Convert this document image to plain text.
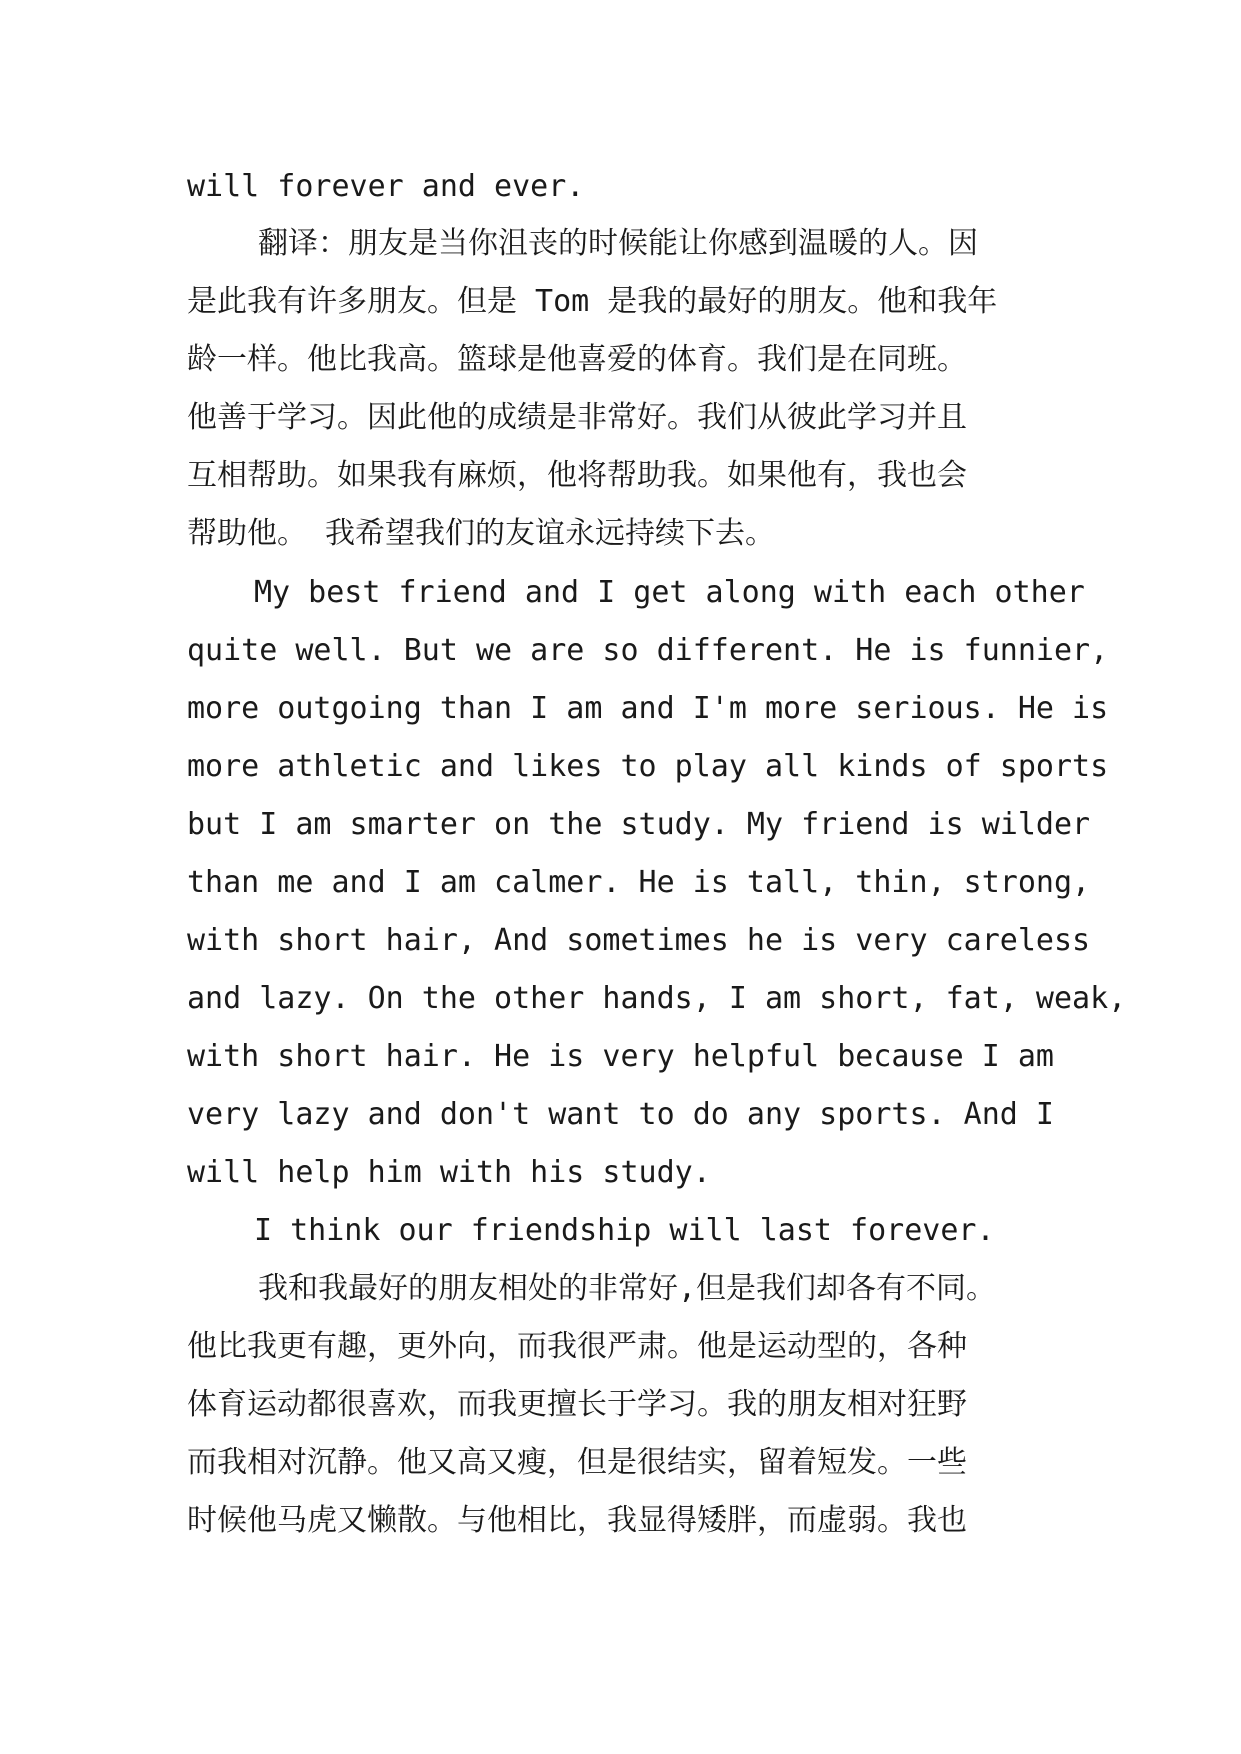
will forever and ever.
翻译：朋友是当你沮丧的时候能让你感到温暖的人。因
是此我有许多朋友。但是 Tom 是我的最好的朋友。他和我年
龄一样。他比我高。篮球是他喜爱的体育。我们是在同班。
他善于学习。因此他的成绩是非常好。我们从彼此学习并且
互相帮助。如果我有麻烦，他将帮助我。如果他有，我也会
帮助他。 我希望我们的友谊永远持续下去。
My best friend and I get along with each other
quite well. But we are so different. He is funnier,
more outgoing than I am and I'm more serious. He is
more athletic and likes to play all kinds of sports
but I am smarter on the study. My friend is wilder
than me and I am calmer. He is tall, thin, strong,
with short hair, And sometimes he is very careless
and lazy. On the other hands, I am short, fat, weak,
with short hair. He is very helpful because I am
very lazy and don't want to do any sports. And I
will help him with his study.
I think our friendship will last forever.
我和我最好的朋友相处的非常好,但是我们却各有不同。
他比我更有趣，更外向，而我很严肃。他是运动型的，各种
体育运动都很喜欢，而我更擅长于学习。我的朋友相对狂野
而我相对沉静。他又高又瘦，但是很结实，留着短发。一些
时候他马虎又懒散。与他相比，我显得矮胖，而虚弱。我也
